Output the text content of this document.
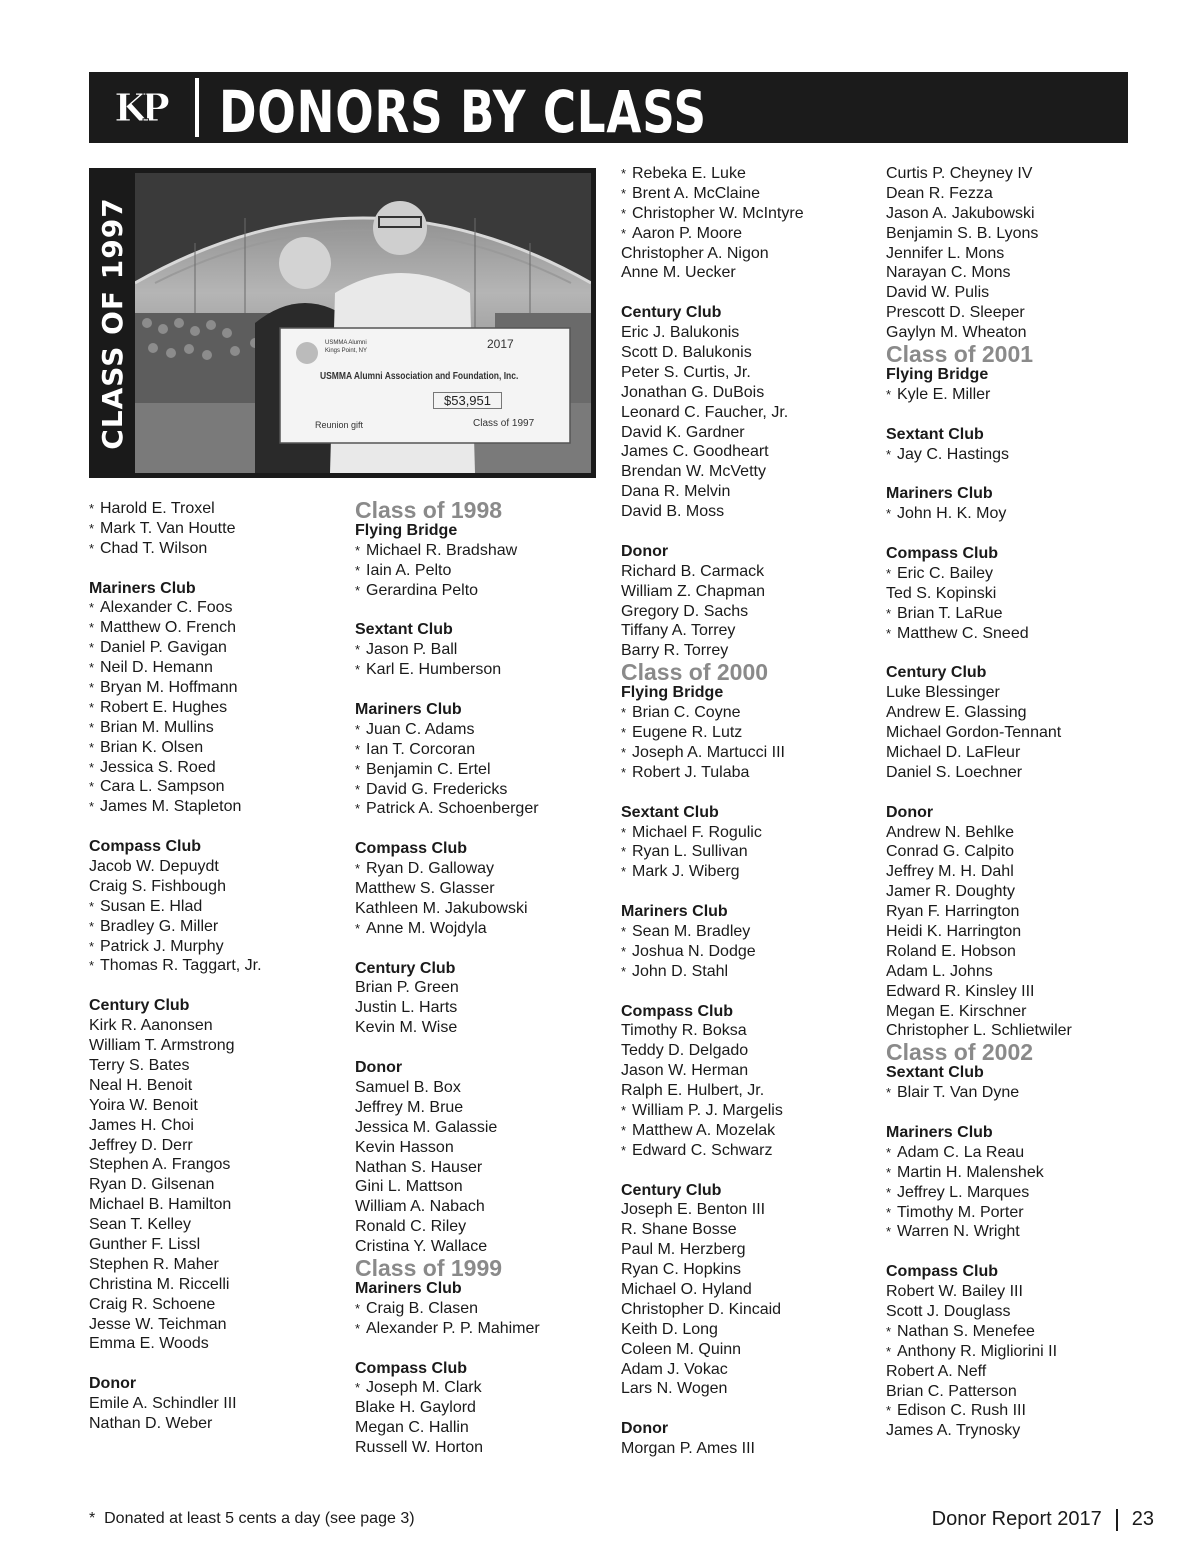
KP DONORS BY CLASS
CLASS OF 1997	USMMA Alumni
Kings Point, NY	2017
USMMA Alumni Association and Foundation, Inc.
$53,951
Reunion gift	Class of 1997
* Harold E. Troxel
* Mark T. Van Houtte
* Chad T. Wilson
Mariners Club
* Alexander C. Foos
* Matthew O. French
* Daniel P. Gavigan
* Neil D. Hemann
* Bryan M. Hoffmann
* Robert E. Hughes
* Brian M. Mullins
* Brian K. Olsen
* Jessica S. Roed
* Cara L. Sampson
* James M. Stapleton
Compass Club
Jacob W. Depuydt
Craig S. Fishbough
* Susan E. Hlad
* Bradley G. Miller
* Patrick J. Murphy
* Thomas R. Taggart, Jr.
Century Club
Kirk R. Aanonsen
William T. Armstrong
Terry S. Bates
Neal H. Benoit
Yoira W. Benoit
James H. Choi
Jeffrey D. Derr
Stephen A. Frangos
Ryan D. Gilsenan
Michael B. Hamilton
Sean T. Kelley
Gunther F. Lissl
Stephen R. Maher
Christina M. Riccelli
Craig R. Schoene
Jesse W. Teichman
Emma E. Woods
Donor
Emile A. Schindler III
Nathan D. Weber
Class of 1998
Flying Bridge
* Michael R. Bradshaw
* Iain A. Pelto
* Gerardina Pelto
Sextant Club
* Jason P. Ball
* Karl E. Humberson
Mariners Club
* Juan C. Adams
* Ian T. Corcoran
* Benjamin C. Ertel
* David G. Fredericks
* Patrick A. Schoenberger
Compass Club
* Ryan D. Galloway
Matthew S. Glasser
Kathleen M. Jakubowski
* Anne M. Wojdyla
Century Club
Brian P. Green
Justin L. Harts
Kevin M. Wise
Donor
Samuel B. Box
Jeffrey M. Brue
Jessica M. Galassie
Kevin Hasson
Nathan S. Hauser
Gini L. Mattson
William A. Nabach
Ronald C. Riley
Cristina Y. Wallace
Class of 1999
Mariners Club
* Craig B. Clasen
* Alexander P. P. Mahimer
Compass Club
* Joseph M. Clark
Blake H. Gaylord
Megan C. Hallin
Russell W. Horton
* Rebeka E. Luke
* Brent A. McClaine
* Christopher W. McIntyre
* Aaron P. Moore
Christopher A. Nigon
Anne M. Uecker
Century Club
Eric J. Balukonis
Scott D. Balukonis
Peter S. Curtis, Jr.
Jonathan G. DuBois
Leonard C. Faucher, Jr.
David K. Gardner
James C. Goodheart
Brendan W. McVetty
Dana R. Melvin
David B. Moss
Donor
Richard B. Carmack
William Z. Chapman
Gregory D. Sachs
Tiffany A. Torrey
Barry R. Torrey
Class of 2000
Flying Bridge
* Brian C. Coyne
* Eugene R. Lutz
* Joseph A. Martucci III
* Robert J. Tulaba
Sextant Club
* Michael F. Rogulic
* Ryan L. Sullivan
* Mark J. Wiberg
Mariners Club
* Sean M. Bradley
* Joshua N. Dodge
* John D. Stahl
Compass Club
Timothy R. Boksa
Teddy D. Delgado
Jason W. Herman
Ralph E. Hulbert, Jr.
* William P. J. Margelis
* Matthew A. Mozelak
* Edward C. Schwarz
Century Club
Joseph E. Benton III
R. Shane Bosse
Paul M. Herzberg
Ryan C. Hopkins
Michael O. Hyland
Christopher D. Kincaid
Keith D. Long
Coleen M. Quinn
Adam J. Vokac
Lars N. Wogen
Donor
Morgan P. Ames III
Curtis P. Cheyney IV
Dean R. Fezza
Jason A. Jakubowski
Benjamin S. B. Lyons
Jennifer L. Mons
Narayan C. Mons
David W. Pulis
Prescott D. Sleeper
Gaylyn M. Wheaton
Class of 2001
Flying Bridge
* Kyle E. Miller
Sextant Club
* Jay C. Hastings
Mariners Club
* John H. K. Moy
Compass Club
* Eric C. Bailey
Ted S. Kopinski
* Brian T. LaRue
* Matthew C. Sneed
Century Club
Luke Blessinger
Andrew E. Glassing
Michael Gordon-Tennant
Michael D. LaFleur
Daniel S. Loechner
Donor
Andrew N. Behlke
Conrad G. Calpito
Jeffrey M. H. Dahl
Jamer R. Doughty
Ryan F. Harrington
Heidi K. Harrington
Roland E. Hobson
Adam L. Johns
Edward R. Kinsley III
Megan E. Kirschner
Christopher L. Schlietwiler
Class of 2002
Sextant Club
* Blair T. Van Dyne
Mariners Club
* Adam C. La Reau
* Martin H. Malenshek
* Jeffrey L. Marques
* Timothy M. Porter
* Warren N. Wright
Compass Club
Robert W. Bailey III
Scott J. Douglass
* Nathan S. Menefee
* Anthony R. Migliorini II
Robert A. Neff
Brian C. Patterson
* Edison C. Rush III
James A. Trynosky
* Donated at least 5 cents a day (see page 3)	Donor Report 2017 23
